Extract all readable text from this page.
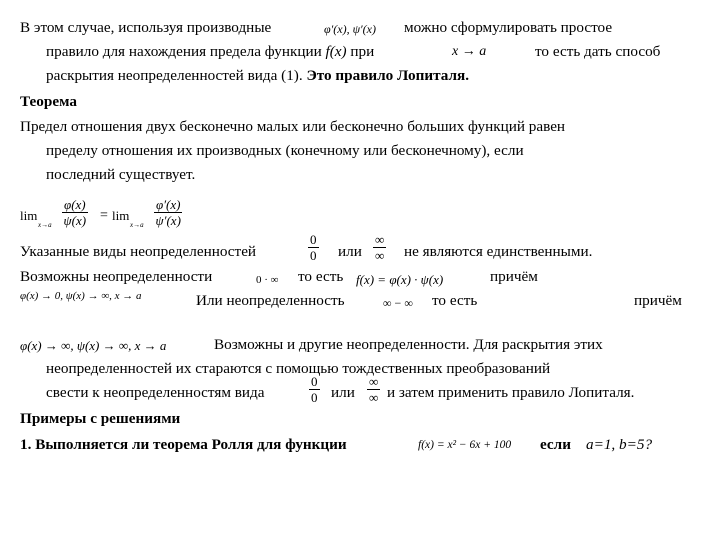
В этом случае, используя производные	φ′(x), ψ′(x) можно сформулировать простое
правило для нахождения предела функции f(x) при	x → a	то есть дать способ
раскрытия неопределенностей вида (1). Это правило Лопиталя.
Теорема
Предел отношения двух бесконечно малых или бесконечно больших функций равен
пределу отношения их производных (конечному или бесконечному), если
последний существует.
lim
$x\to a \frac{\varphi(x)}{\psi(x)} = \lim$
$x\to a \frac{\varphi'(x)}{\psi'(x)}$
Указанные виды неопределенностей	$\frac{0}{0}$ или
∞
∞ не являются единственными.
Возможны неопределенности	0 · ∞ то есть f(x) = φ(x) · ψ(x)	причём
φ(x) → 0, ψ(x) → ∞, x → a	Или неопределенность	∞ − ∞ то есть	причём
φ(x) → ∞, ψ(x) → ∞, x → a	Возможны и другие неопределенности. Для раскрытия этих
неопределенностей их стараются с помощью тождественных преобразований
свести к неопределенностям вида	$\frac{0}{0}$ или
∞
∞ и затем применить правило Лопиталя.
Примеры с решениями
1. Выполняется ли теорема Ролля для функции	f(x) = x² − 6x + 100 если a=1, b=5?
